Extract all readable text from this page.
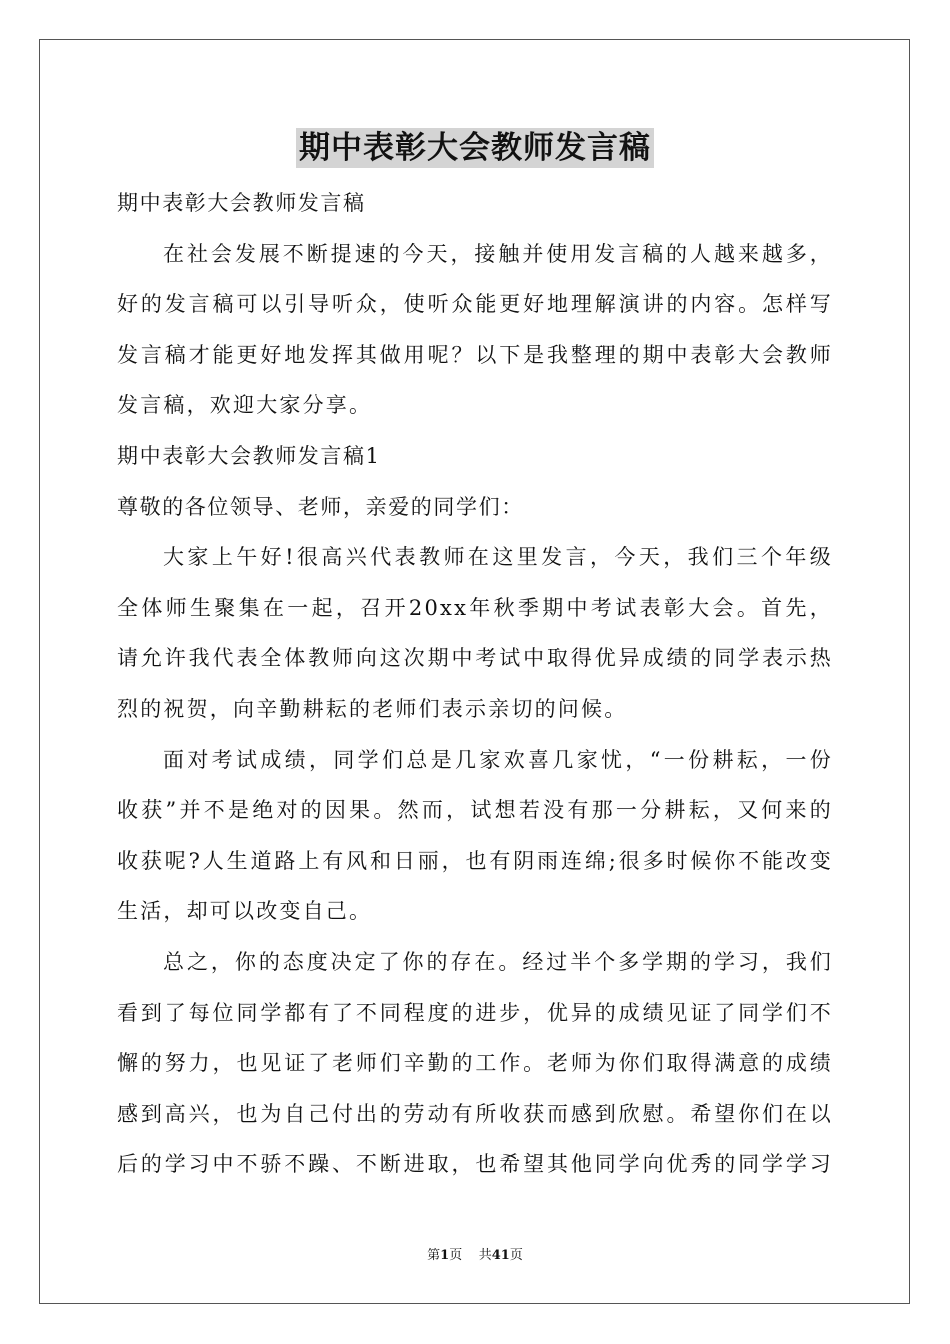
期中表彰大会教师发言稿
期中表彰大会教师发言稿
在社会发展不断提速的今天，接触并使用发言稿的人越来越多，
好的发言稿可以引导听众，使听众能更好地理解演讲的内容。怎样写
发言稿才能更好地发挥其做用呢？以下是我整理的期中表彰大会教师
发言稿，欢迎大家分享。
期中表彰大会教师发言稿1
尊敬的各位领导、老师，亲爱的同学们：
大家上午好!很高兴代表教师在这里发言，今天，我们三个年级
全体师生聚集在一起，召开20xx年秋季期中考试表彰大会。首先，
请允许我代表全体教师向这次期中考试中取得优异成绩的同学表示热
烈的祝贺，向辛勤耕耘的老师们表示亲切的问候。
面对考试成绩，同学们总是几家欢喜几家忧，“一份耕耘，一份
收获”并不是绝对的因果。然而，试想若没有那一分耕耘，又何来的
收获呢?人生道路上有风和日丽，也有阴雨连绵;很多时候你不能改变
生活，却可以改变自己。
总之，你的态度决定了你的存在。经过半个多学期的学习，我们
看到了每位同学都有了不同程度的进步，优异的成绩见证了同学们不
懈的努力，也见证了老师们辛勤的工作。老师为你们取得满意的成绩
感到高兴，也为自己付出的劳动有所收获而感到欣慰。希望你们在以
后的学习中不骄不躁、不断进取，也希望其他同学向优秀的同学学习
第1页 共41页
